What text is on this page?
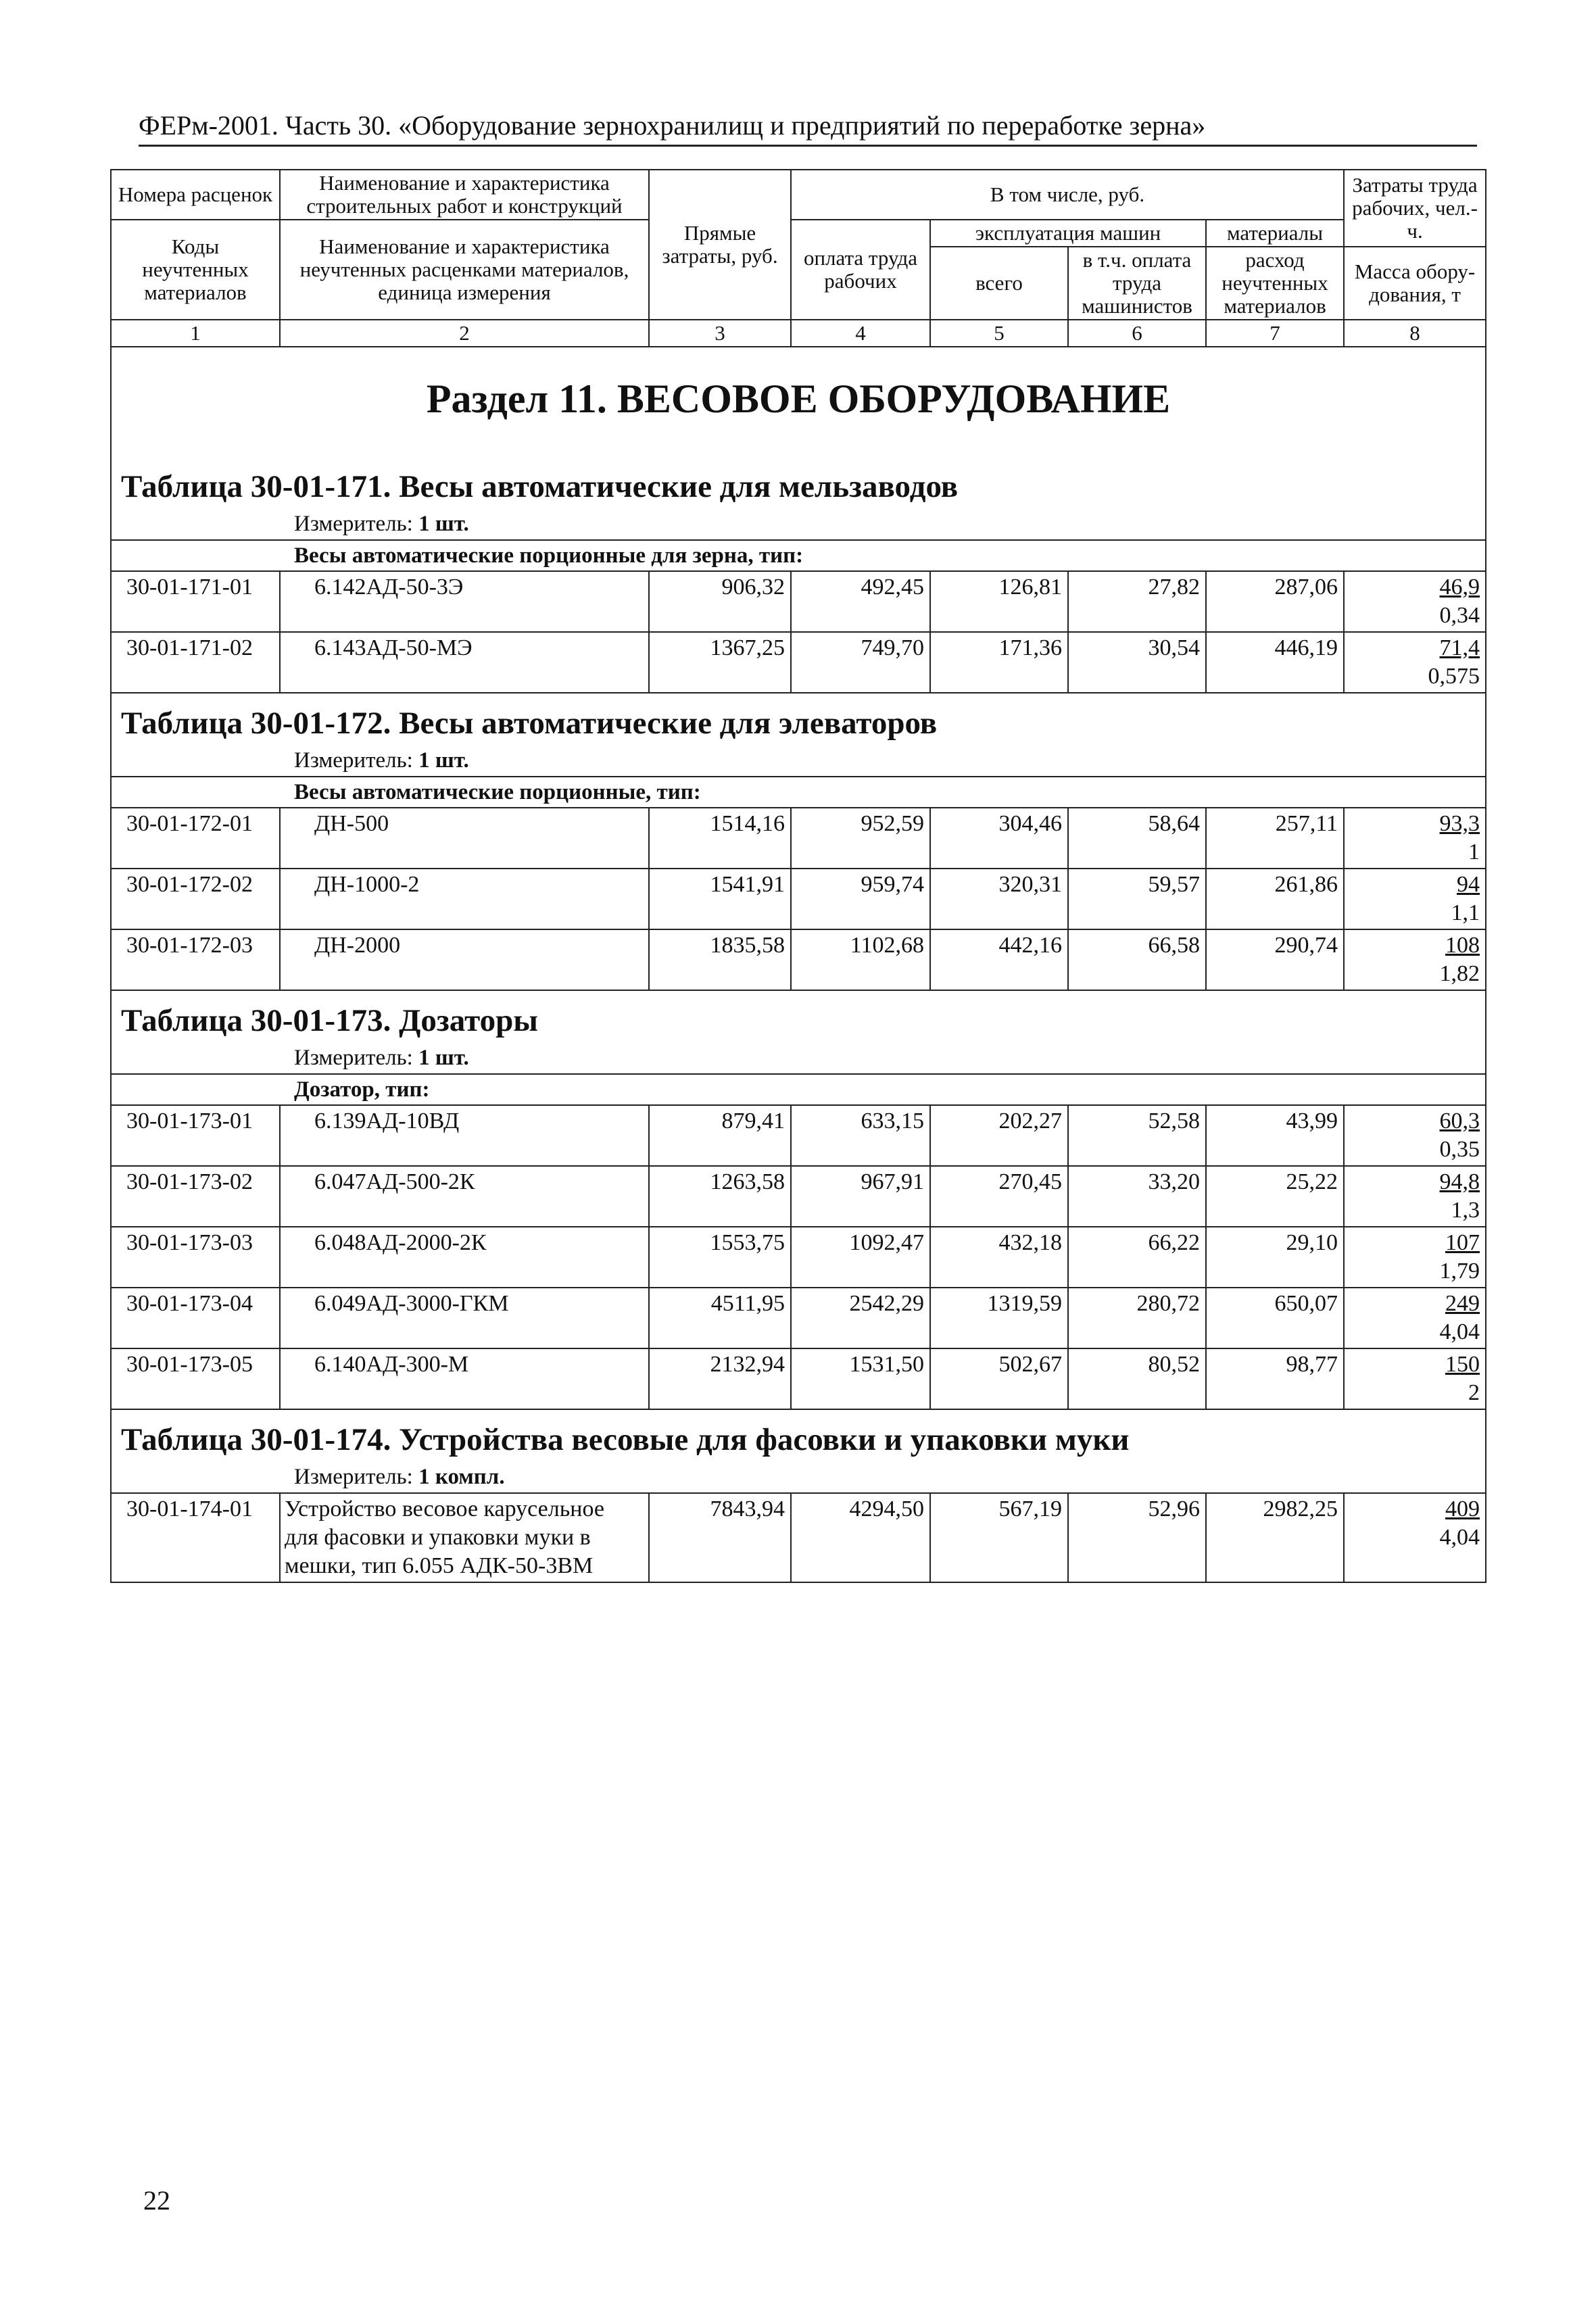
ФЕРм-2001. Часть 30. «Оборудование зернохранилищ и предприятий по переработке зерна»
Номера расценок	Наименование и характеристика строительных работ и конструкций	Прямые затраты, руб.	В том числе, руб.				Затраты труда рабочих, чел.-ч.
Коды неучтенных материалов	Наименование и характеристика неучтенных расценками материалов, единица измерения		оплата труда рабочих	эксплуатация машин		материалы	
				всего	в т.ч. оплата труда машинистов	расход неучтенных материалов	Масса обору-дования, т
1	2	3	4	5	6	7	8
Раздел 11. ВЕСОВОЕ ОБОРУДОВАНИЕ							
Таблица 30-01-171. Весы автоматические для мельзаводов							
Измеритель: 1 шт.							
Весы автоматические порционные для зерна, тип:							
30-01-171-01	6.142АД-50-3Э	906,32	492,45	126,81	27,82	287,06	46,9
0,34

30-01-171-02	6.143АД-50-МЭ	1367,25	749,70	171,36	30,54	446,19	71,4
0,575

Таблица 30-01-172. Весы автоматические для элеваторов							
Измеритель: 1 шт.							
Весы автоматические порционные, тип:							
30-01-172-01	ДН-500	1514,16	952,59	304,46	58,64	257,11	93,3
1

30-01-172-02	ДН-1000-2	1541,91	959,74	320,31	59,57	261,86	94
1,1

30-01-172-03	ДН-2000	1835,58	1102,68	442,16	66,58	290,74	108
1,82

Таблица 30-01-173. Дозаторы							
Измеритель: 1 шт.							
Дозатор, тип:							
30-01-173-01	6.139АД-10ВД	879,41	633,15	202,27	52,58	43,99	60,3
0,35

30-01-173-02	6.047АД-500-2К	1263,58	967,91	270,45	33,20	25,22	94,8
1,3

30-01-173-03	6.048АД-2000-2К	1553,75	1092,47	432,18	66,22	29,10	107
1,79

30-01-173-04	6.049АД-3000-ГКМ	4511,95	2542,29	1319,59	280,72	650,07	249
4,04

30-01-173-05	6.140АД-300-М	2132,94	1531,50	502,67	80,52	98,77	150
2

Таблица 30-01-174. Устройства весовые для фасовки и упаковки муки							
Измеритель: 1 компл.							
30-01-174-01	Устройство весовое карусельное для фасовки и упаковки муки в мешки, тип 6.055 АДК-50-3ВМ	7843,94	4294,50	567,19	52,96	2982,25	409
4,04
22
